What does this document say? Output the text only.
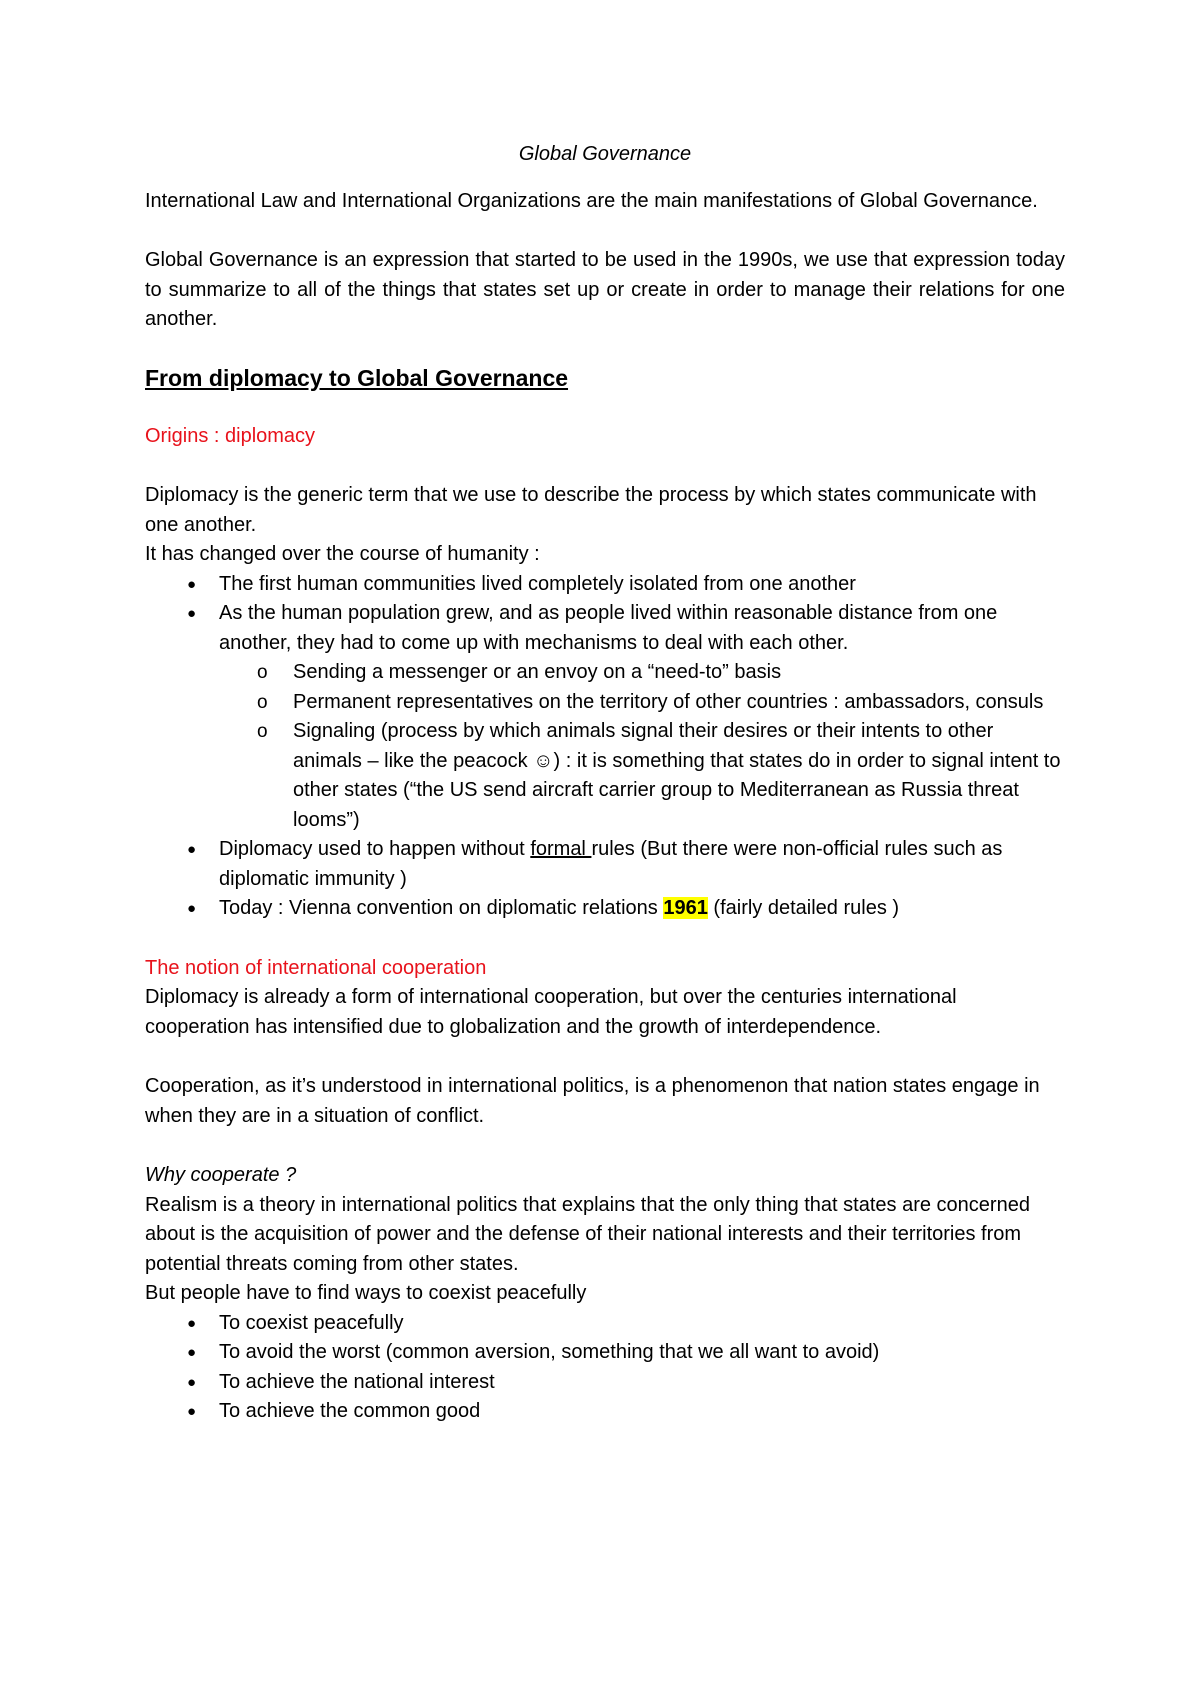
Global Governance

International Law and International Organizations are the main manifestations of Global Governance.

Global Governance is an expression that started to be used in the 1990s, we use that expression today to summarize to all of the things that states set up or create in order to manage their relations for one another.

From diplomacy to Global Governance

Origins : diplomacy

Diplomacy is the generic term that we use to describe the process by which states communicate with one another.

It has changed over the course of humanity :

● The first human communities lived completely isolated from one another
● As the human population grew, and as people lived within reasonable distance from one another, they had to come up with mechanisms to deal with each other.
o Sending a messenger or an envoy on a “need-to” basis
o Permanent representatives on the territory of other countries : ambassadors, consuls
o Signaling (process by which animals signal their desires or their intents to other animals – like the peacock ☺) : it is something that states do in order to signal intent to other states (“the US send aircraft carrier group to Mediterranean as Russia threat looms”)
● Diplomacy used to happen without formal rules (But there were non-official rules such as diplomatic immunity )
● Today : Vienna convention on diplomatic relations 1961 (fairly detailed rules )

The notion of international cooperation

Diplomacy is already a form of international cooperation, but over the centuries international cooperation has intensified due to globalization and the growth of interdependence.

Cooperation, as it’s understood in international politics, is a phenomenon that nation states engage in when they are in a situation of conflict.

Why cooperate ?

Realism is a theory in international politics that explains that the only thing that states are concerned about is the acquisition of power and the defense of their national interests and their territories from potential threats coming from other states.

But people have to find ways to coexist peacefully

● To coexist peacefully
● To avoid the worst (common aversion, something that we all want to avoid)
● To achieve the national interest
● To achieve the common good
